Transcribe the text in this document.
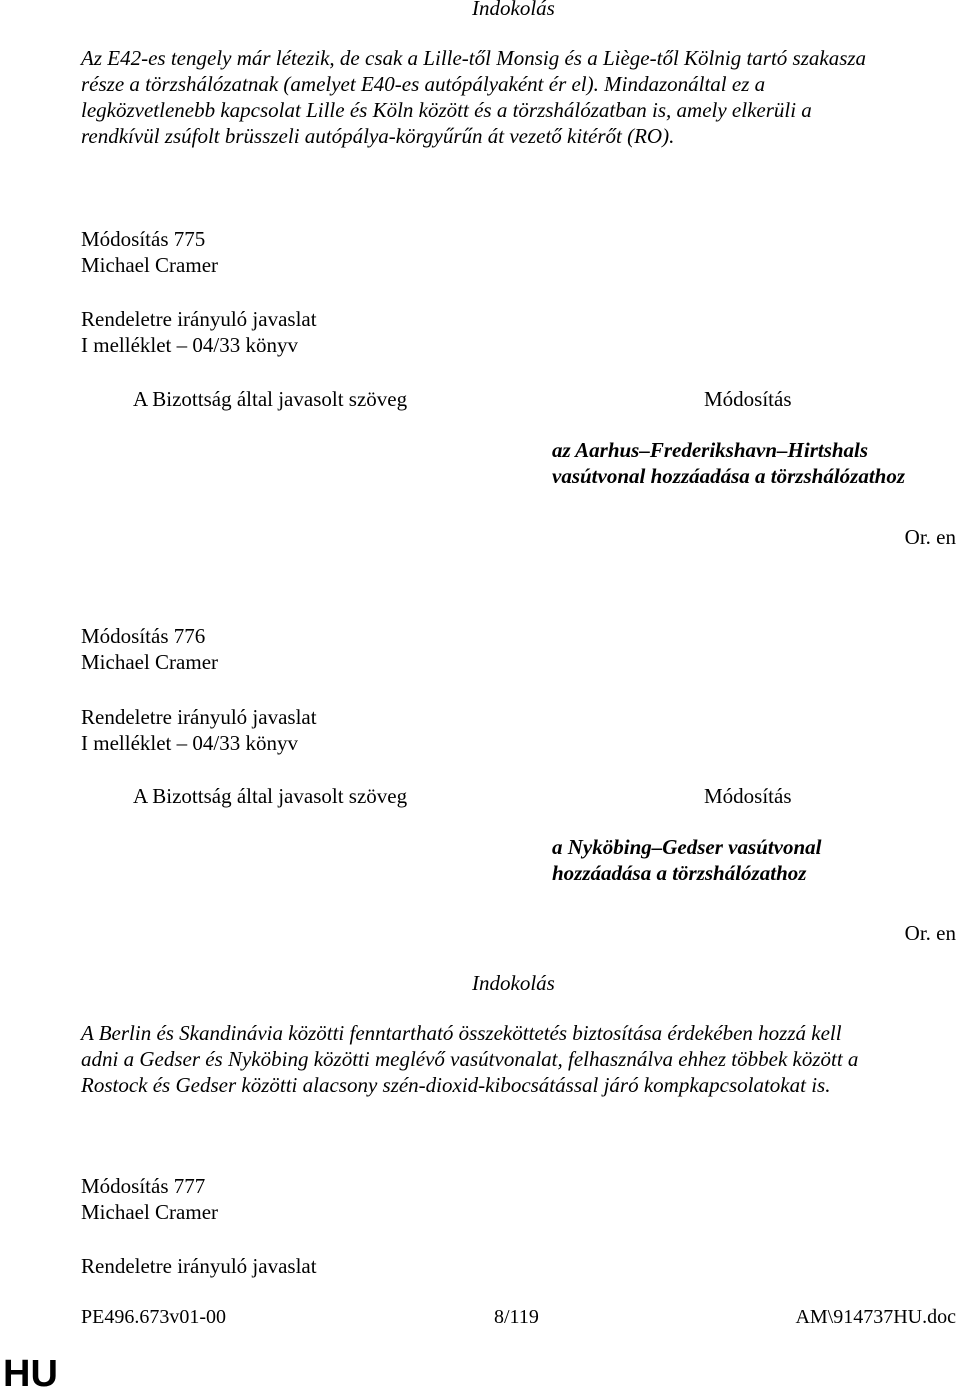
Indokolás
Az E42-es tengely már létezik, de csak a Lille-től Monsig és a Liège-től Kölnig tartó szakasza
része a törzshálózatnak (amelyet E40-es autópályaként ér el). Mindazonáltal ez a
legközvetlenebb kapcsolat Lille és Köln között és a törzshálózatban is, amely elkerüli a
rendkívül zsúfolt brüsszeli autópálya-körgyűrűn át vezető kitérőt (RO).
Módosítás 775
Michael Cramer
Rendeletre irányuló javaslat
I melléklet – 04/33 könyv
A Bizottság által javasolt szöveg	Módosítás
az Aarhus–Frederikshavn–Hirtshals
vasútvonal hozzáadása a törzshálózathoz
Or. en
Módosítás 776
Michael Cramer
Rendeletre irányuló javaslat
I melléklet – 04/33 könyv
A Bizottság által javasolt szöveg	Módosítás
a Nyköbing–Gedser vasútvonal
hozzáadása a törzshálózathoz
Or. en
Indokolás
A Berlin és Skandinávia közötti fenntartható összeköttetés biztosítása érdekében hozzá kell
adni a Gedser és Nyköbing közötti meglévő vasútvonalat, felhasználva ehhez többek között a
Rostock és Gedser közötti alacsony szén-dioxid-kibocsátással járó kompkapcsolatokat is.
Módosítás 777
Michael Cramer
Rendeletre irányuló javaslat
PE496.673v01-00	8/119	AM\914737HU.doc
HU
